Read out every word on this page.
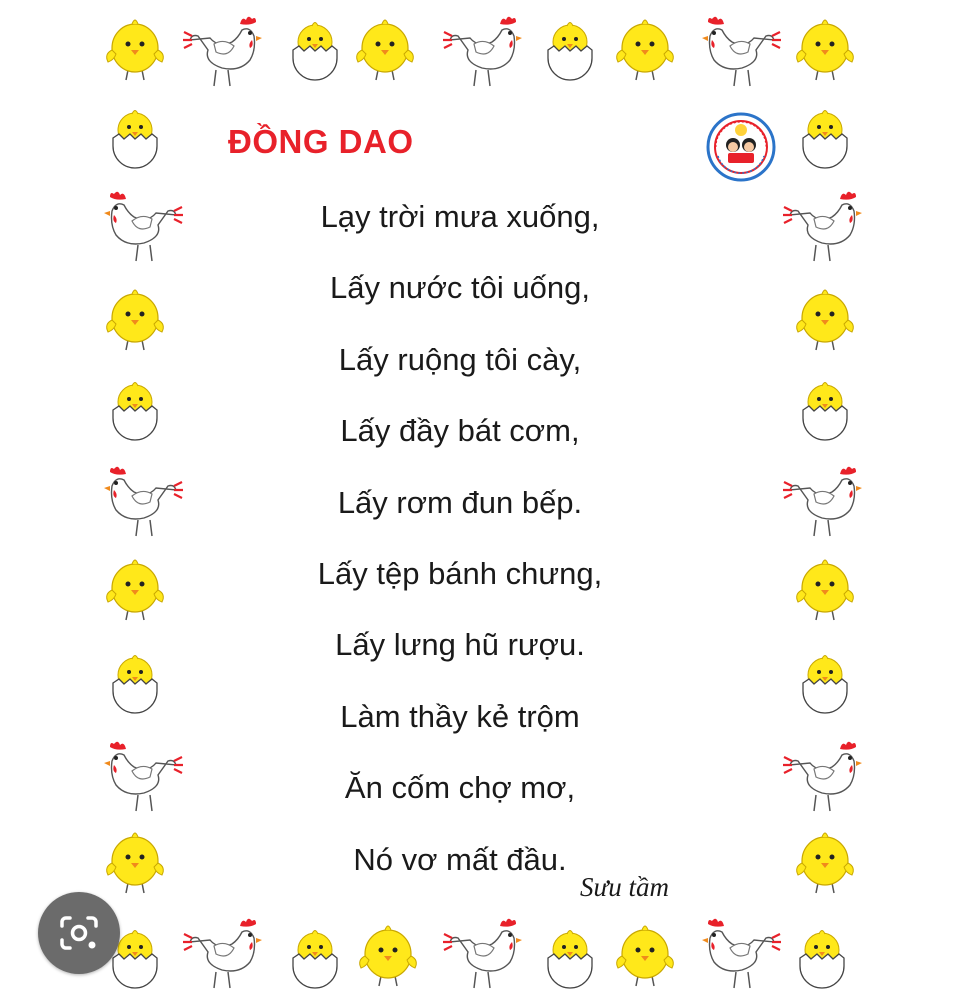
ĐỒNG DAO
Lạy trời mưa xuống,
Lấy nước tôi uống,
Lấy ruộng tôi cày,
Lấy đầy bát cơm,
Lấy rơm đun bếp.
Lấy tệp bánh chưng,
Lấy lưng hũ rượu.
Làm thầy kẻ trộm
Ăn cốm chợ mơ,
Nó vơ mất đầu.
Sưu tầm
